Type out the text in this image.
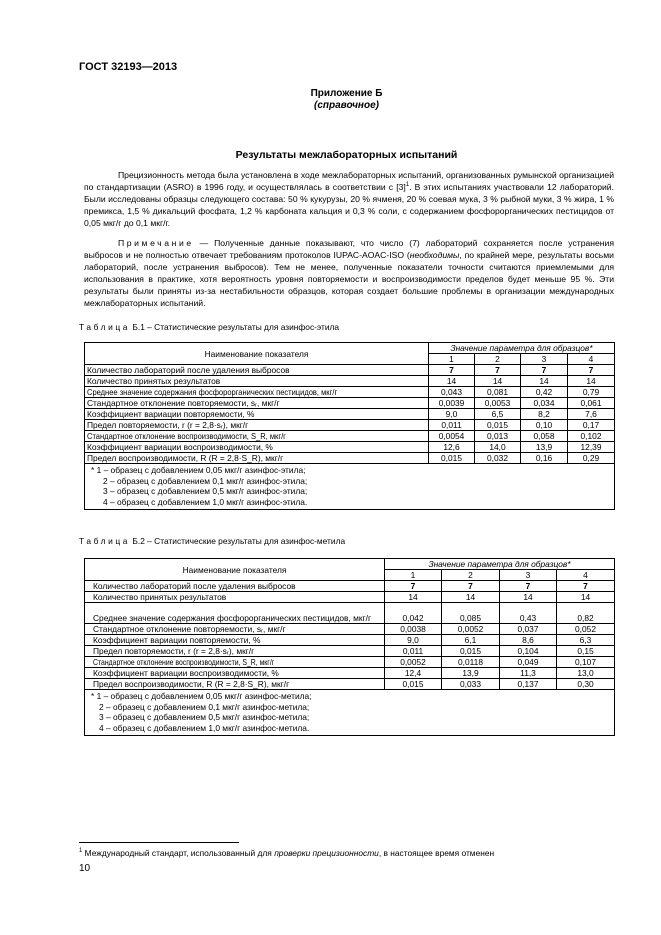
ГОСТ 32193—2013
Приложение Б
(справочное)
Результаты межлабораторных испытаний
Прецизионность метода была установлена в ходе межлабораторных испытаний, организованных румынской организацией по стандартизации (ASRO) в 1996 году, и осуществлялась в соответствии с $[3]^1$. В этих испытаниях участвовали 12 лабораторий. Были исследованы образцы следующего состава: 50 % кукурузы, 20 % ячменя, 20 % соевая мука, 3 % рыбной муки, 3 % жира, 1 % премикса, 1,5 % дикальций фосфата, 1,2 % карбоната кальция и 0,3 % соли, с содержанием фосфорорганических пестицидов от 0,05 мкг/г до 0,1 мкг/г.
Примечание — Полученные данные показывают, что число (7) лабораторий сохраняется после устранения выбросов и не полностью отвечает требованиям протоколов IUPAC-AOAC-ISO (необходимы, по крайней мере, результаты восьми лабораторий, после устранения выбросов). Тем не менее, полученные показатели точности считаются приемлемыми для использования в практике, хотя вероятность уровня повторяемости и воспроизводимости пределов будет меньше 95 %. Эти результаты были приняты из-за нестабильности образцов, которая создает большие проблемы в организации международных межлабораторных испытаний.
Таблица Б.1 – Статистические результаты для азинфос-этила
Наименование показателя	Значение параметра для образцов*			
	1	2	3	4
Количество лабораторий после удаления выбросов	7	7	7	7
Количество принятых результатов	14	14	14	14
Среднее значение содержания фосфорорганических пестицидов, мкг/г	0,043	0,081	0,42	0,79
Стандартное отклонение повторяемости, sᵣ, мкг/г	0,0039	0,0053	0,034	0,061
Коэффициент вариации повторяемости, %	9,0	6,5	8,2	7,6
Предел повторяемости, r (r = 2,8·sᵣ), мкг/г	0,011	0,015	0,10	0,17
Стандартное отклонение воспроизводимости, S_R, мкг/г	0,0054	0,013	0,058	0,102
Коэффициент вариации воспроизводимости, %	12,6	14,0	13,9	12,39
Предел воспроизводимости, R (R = 2,8·S_R), мкг/г	0,015	0,032	0,16	0,29

* 1 – образец с добавлением 0,05 мкг/г азинфос-этила;
2 – образец с добавлением 0,1 мкг/г азинфос-этила;
3 – образец с добавлением 0,5 мкг/г азинфос-этила;
4 – образец с добавлением 1,0 мкг/г азинфос-этила.				
Таблица Б.2 – Статистические результаты для азинфос-метила
Наименование показателя	Значение параметра для образцов*			
	1	2	3	4
Количество лабораторий после удаления выбросов	7	7	7	7
Количество принятых результатов	14	14	14	14
Среднее значение содержания фосфорорганических пестицидов, мкг/г	0,042	0,085	0,43	0,82
Стандартное отклонение повторяемости, sᵣ, мкг/г	0,0038	0,0052	0,037	0,052
Коэффициент вариации повторяемости, %	9,0	6,1	8,6	6,3
Предел повторяемости, r (r = 2,8·sᵣ), мкг/г	0,011	0,015	0,104	0,15
Стандартное отклонение воспроизводимости, S_R, мкг/г	0,0052	0,0118	0,049	0,107
Коэффициент вариации воспроизводимости, %	12,4	13,9	11,3	13,0
Предел воспроизводимости, R (R = 2,8·S_R), мкг/г	0,015	0,033	0,137	0,30

* 1 – образец с добавлением 0,05 мкг/г азинфос-метила;
2 – образец с добавлением 0,1 мкг/г азинфос-метила;
3 – образец с добавлением 0,5 мкг/г азинфос-метила;
4 – образец с добавлением 1,0 мкг/г азинфос-метила.				
$^1$ Международный стандарт, использованный для проверки прецизионности, в настоящее время отменен
10
